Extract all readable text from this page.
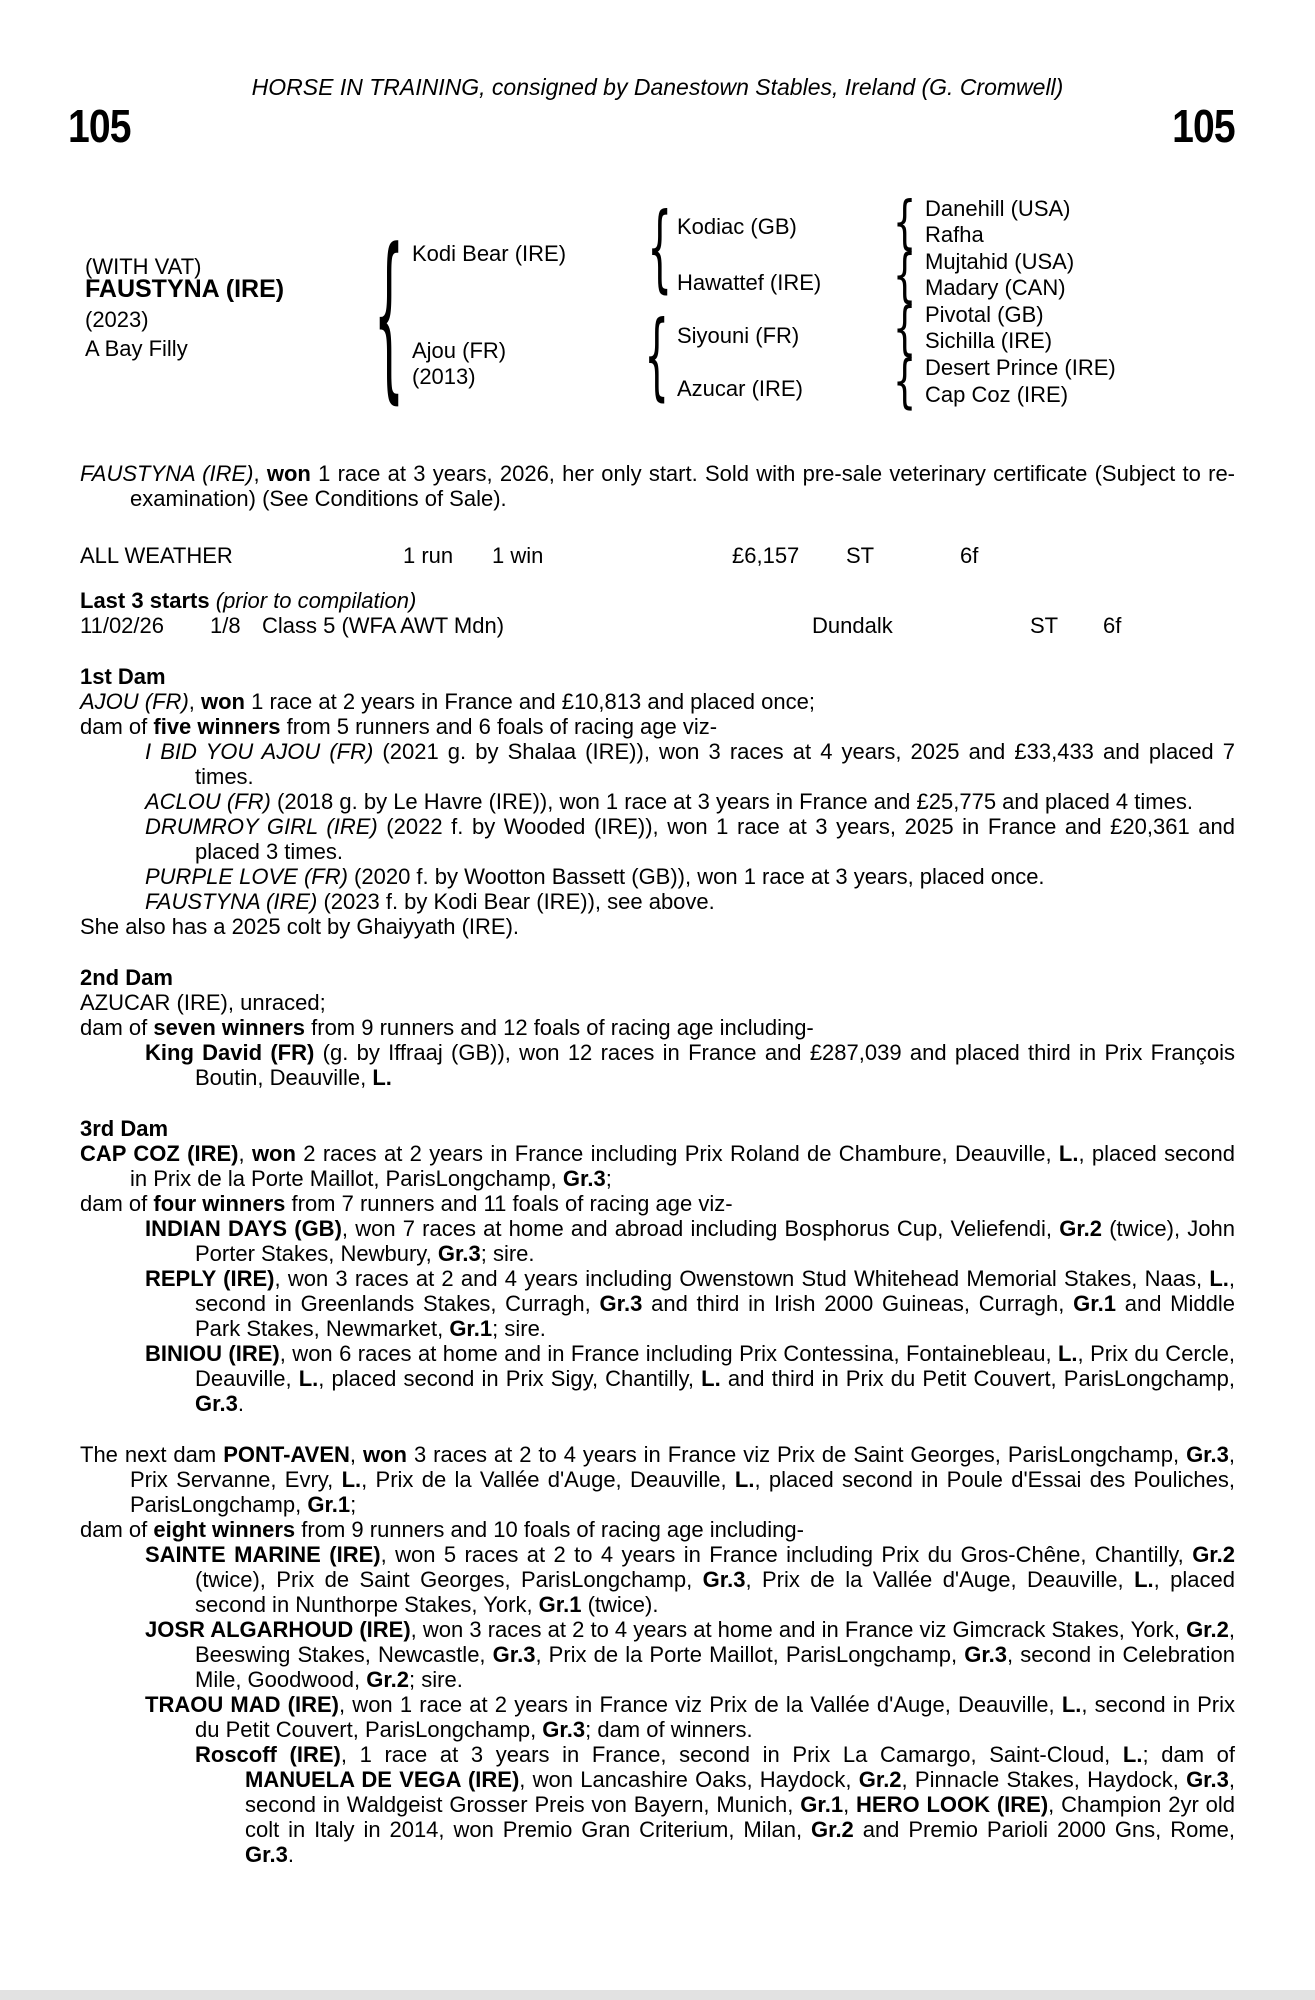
HORSE IN TRAINING, consigned by Danestown Stables, Ireland (G. Cromwell)
105	105
(WITH VAT)
FAUSTYNA (IRE)
(2023)
A Bay Filly	{	{
{
{
{
{
{
Kodi Bear (IRE)
Ajou (FR)
(2013)
Kodiac (GB)
Hawattef (IRE)
Siyouni (FR)
Azucar (IRE)
Danehill (USA)
Rafha
Mujtahid (USA)
Madary (CAN)
Pivotal (GB)
Sichilla (IRE)
Desert Prince (IRE)
Cap Coz (IRE)
FAUSTYNA (IRE), won 1 race at 3 years, 2026, her only start. Sold with pre-sale veterinary certificate (Subject to re-examination) (See Conditions of Sale).
ALL WEATHER	1 run 1 win	£6,157 ST	6f
Last 3 starts (prior to compilation)
11/02/26 1/8 Class 5 (WFA AWT Mdn)	Dundalk	ST 6f
1st Dam
AJOU (FR), won 1 race at 2 years in France and £10,813 and placed once;
dam of five winners from 5 runners and 6 foals of racing age viz-
I BID YOU AJOU (FR) (2021 g. by Shalaa (IRE)), won 3 races at 4 years, 2025 and £33,433 and placed 7 times.
ACLOU (FR) (2018 g. by Le Havre (IRE)), won 1 race at 3 years in France and £25,775 and placed 4 times.
DRUMROY GIRL (IRE) (2022 f. by Wooded (IRE)), won 1 race at 3 years, 2025 in France and £20,361 and placed 3 times.
PURPLE LOVE (FR) (2020 f. by Wootton Bassett (GB)), won 1 race at 3 years, placed once.
FAUSTYNA (IRE) (2023 f. by Kodi Bear (IRE)), see above.
She also has a 2025 colt by Ghaiyyath (IRE).
2nd Dam
AZUCAR (IRE), unraced;
dam of seven winners from 9 runners and 12 foals of racing age including-
King David (FR) (g. by Iffraaj (GB)), won 12 races in France and £287,039 and placed third in Prix François Boutin, Deauville, L.
3rd Dam
CAP COZ (IRE), won 2 races at 2 years in France including Prix Roland de Chambure, Deauville, L., placed second in Prix de la Porte Maillot, ParisLongchamp, Gr.3;
dam of four winners from 7 runners and 11 foals of racing age viz-
INDIAN DAYS (GB), won 7 races at home and abroad including Bosphorus Cup, Veliefendi, Gr.2 (twice), John Porter Stakes, Newbury, Gr.3; sire.
REPLY (IRE), won 3 races at 2 and 4 years including Owenstown Stud Whitehead Memorial Stakes, Naas, L., second in Greenlands Stakes, Curragh, Gr.3 and third in Irish 2000 Guineas, Curragh, Gr.1 and Middle Park Stakes, Newmarket, Gr.1; sire.
BINIOU (IRE), won 6 races at home and in France including Prix Contessina, Fontainebleau, L., Prix du Cercle, Deauville, L., placed second in Prix Sigy, Chantilly, L. and third in Prix du Petit Couvert, ParisLongchamp, Gr.3.
The next dam PONT-AVEN, won 3 races at 2 to 4 years in France viz Prix de Saint Georges, ParisLongchamp, Gr.3, Prix Servanne, Evry, L., Prix de la Vallée d'Auge, Deauville, L., placed second in Poule d'Essai des Pouliches, ParisLongchamp, Gr.1;
dam of eight winners from 9 runners and 10 foals of racing age including-
SAINTE MARINE (IRE), won 5 races at 2 to 4 years in France including Prix du Gros-Chêne, Chantilly, Gr.2 (twice), Prix de Saint Georges, ParisLongchamp, Gr.3, Prix de la Vallée d'Auge, Deauville, L., placed second in Nunthorpe Stakes, York, Gr.1 (twice).
JOSR ALGARHOUD (IRE), won 3 races at 2 to 4 years at home and in France viz Gimcrack Stakes, York, Gr.2, Beeswing Stakes, Newcastle, Gr.3, Prix de la Porte Maillot, ParisLongchamp, Gr.3, second in Celebration Mile, Goodwood, Gr.2; sire.
TRAOU MAD (IRE), won 1 race at 2 years in France viz Prix de la Vallée d'Auge, Deauville, L., second in Prix du Petit Couvert, ParisLongchamp, Gr.3; dam of winners.
Roscoff (IRE), 1 race at 3 years in France, second in Prix La Camargo, Saint-Cloud, L.; dam of MANUELA DE VEGA (IRE), won Lancashire Oaks, Haydock, Gr.2, Pinnacle Stakes, Haydock, Gr.3, second in Waldgeist Grosser Preis von Bayern, Munich, Gr.1, HERO LOOK (IRE), Champion 2yr old colt in Italy in 2014, won Premio Gran Criterium, Milan, Gr.2 and Premio Parioli 2000 Gns, Rome, Gr.3.
